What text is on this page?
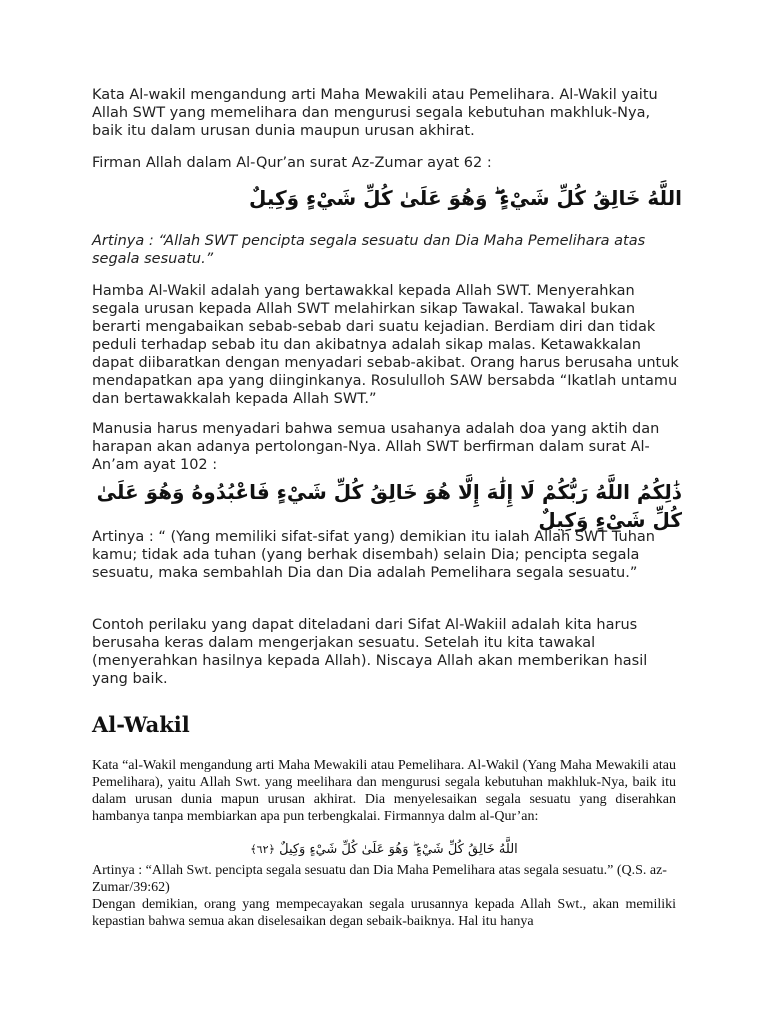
Kata Al-wakil mengandung arti Maha Mewakili atau Pemelihara. Al-Wakil yaitu Allah SWT yang memelihara dan mengurusi segala kebutuhan makhluk-Nya, baik itu dalam urusan dunia maupun urusan akhirat.

Firman Allah dalam Al-Qur’an surat Az-Zumar ayat 62 :

اللَّهُ خَالِقُ كُلِّ شَيْءٍ ۖ وَهُوَ عَلَىٰ كُلِّ شَيْءٍ وَكِيلٌ

Artinya : “Allah SWT pencipta segala sesuatu dan Dia Maha Pemelihara atas segala sesuatu.”

Hamba Al-Wakil adalah yang bertawakkal kepada Allah SWT. Menyerahkan segala urusan kepada Allah SWT melahirkan sikap Tawakal. Tawakal bukan berarti mengabaikan sebab-sebab dari suatu kejadian. Berdiam diri dan tidak peduli terhadap sebab itu dan akibatnya adalah sikap malas. Ketawakkalan dapat diibaratkan dengan menyadari sebab-akibat. Orang harus berusaha untuk mendapatkan apa yang diinginkanya. Rosululloh SAW bersabda “Ikatlah untamu dan bertawakkalah kepada Allah SWT.”

Manusia harus menyadari bahwa semua usahanya adalah doa yang aktih dan harapan akan adanya pertolongan-Nya. Allah SWT berfirman dalam surat Al-An’am ayat 102 :

ذَٰلِكُمُ اللَّهُ رَبُّكُمْ لَا إِلَٰهَ إِلَّا هُوَ خَالِقُ كُلِّ شَيْءٍ فَاعْبُدُوهُ وَهُوَ عَلَىٰ كُلِّ شَيْءٍ وَكِيلٌ

Artinya : “ (Yang memiliki sifat-sifat yang) demikian itu ialah Allah SWT Tuhan kamu; tidak ada tuhan (yang berhak disembah) selain Dia; pencipta segala sesuatu, maka sembahlah Dia dan Dia adalah Pemelihara segala sesuatu.”

Contoh perilaku yang dapat diteladani dari Sifat Al-Wakiil adalah kita harus berusaha keras dalam mengerjakan sesuatu. Setelah itu kita tawakal (menyerahkan hasilnya kepada Allah). Niscaya Allah akan memberikan hasil yang baik.

Al-Wakil

Kata “al-Wakil mengandung arti Maha Mewakili atau Pemelihara. Al-Wakil (Yang Maha Mewakili atau Pemelihara), yaitu Allah Swt. yang meelihara dan mengurusi segala kebutuhan makhluk-Nya, baik itu dalam urusan dunia mapun urusan akhirat. Dia menyelesaikan segala sesuatu yang diserahkan hambanya tanpa membiarkan apa pun terbengkalai. Firmannya dalm al-Qur’an:

اللَّهُ خَالِقُ كُلِّ شَيْءٍ ۖ وَهُوَ عَلَىٰ كُلِّ شَيْءٍ وَكِيلٌ ﴿٦٢﴾

Artinya : “Allah Swt. pencipta segala sesuatu dan Dia Maha Pemelihara atas segala sesuatu.” (Q.S. az-Zumar/39:62)

Dengan demikian, orang yang mempecayakan segala urusannya kepada Allah Swt., akan memiliki kepastian bahwa semua akan diselesaikan degan sebaik-baiknya. Hal itu hanya
